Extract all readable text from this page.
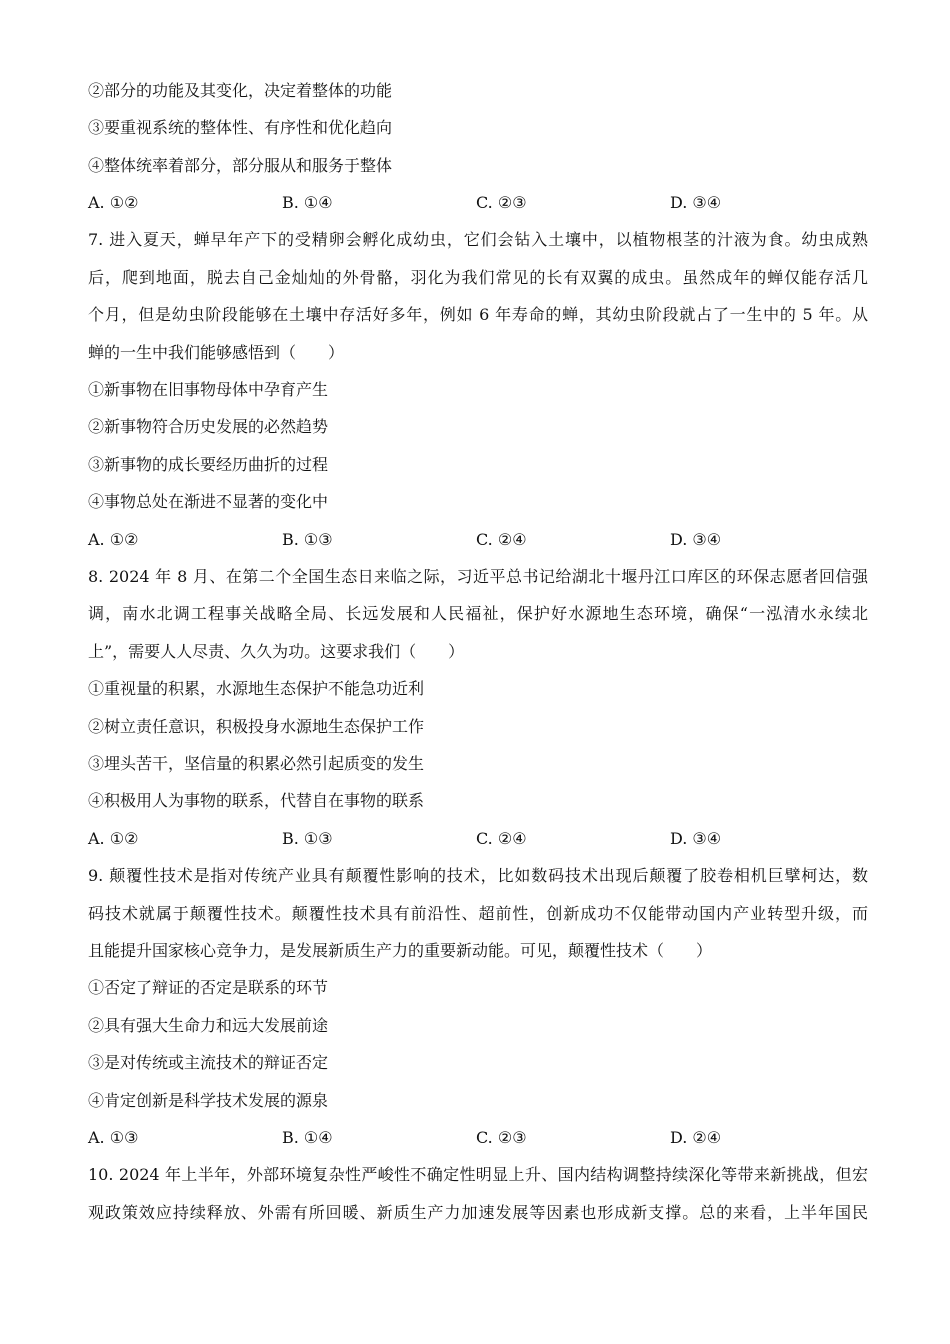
②部分的功能及其变化，决定着整体的功能
③要重视系统的整体性、有序性和优化趋向
④整体统率着部分，部分服从和服务于整体
A. ①②	B. ①④	C. ②③	D. ③④
7. 进入夏天，蝉早年产下的受精卵会孵化成幼虫，它们会钻入土壤中，以植物根茎的汁液为食。幼虫成熟
后，爬到地面，脱去自己金灿灿的外骨骼，羽化为我们常见的长有双翼的成虫。虽然成年的蝉仅能存活几
个月，但是幼虫阶段能够在土壤中存活好多年，例如 6 年寿命的蝉，其幼虫阶段就占了一生中的 5 年。从
蝉的一生中我们能够感悟到（　　）
①新事物在旧事物母体中孕育产生
②新事物符合历史发展的必然趋势
③新事物的成长要经历曲折的过程
④事物总处在渐进不显著的变化中
A. ①②	B. ①③	C. ②④	D. ③④
8. 2024 年 8 月、在第二个全国生态日来临之际，习近平总书记给湖北十堰丹江口库区的环保志愿者回信强
调，南水北调工程事关战略全局、长远发展和人民福祉，保护好水源地生态环境，确保“一泓清水永续北
上”，需要人人尽责、久久为功。这要求我们（　　）
①重视量的积累，水源地生态保护不能急功近利
②树立责任意识，积极投身水源地生态保护工作
③埋头苦干，坚信量的积累必然引起质变的发生
④积极用人为事物的联系，代替自在事物的联系
A. ①②	B. ①③	C. ②④	D. ③④
9. 颠覆性技术是指对传统产业具有颠覆性影响的技术，比如数码技术出现后颠覆了胶卷相机巨擘柯达，数
码技术就属于颠覆性技术。颠覆性技术具有前沿性、超前性，创新成功不仅能带动国内产业转型升级，而
且能提升国家核心竞争力，是发展新质生产力的重要新动能。可见，颠覆性技术（　　）
①否定了辩证的否定是联系的环节
②具有强大生命力和远大发展前途
③是对传统或主流技术的辩证否定
④肯定创新是科学技术发展的源泉
A. ①③	B. ①④	C. ②③	D. ②④
10. 2024 年上半年，外部环境复杂性严峻性不确定性明显上升、国内结构调整持续深化等带来新挑战，但宏
观政策效应持续释放、外需有所回暖、新质生产力加速发展等因素也形成新支撑。总的来看，上半年国民
